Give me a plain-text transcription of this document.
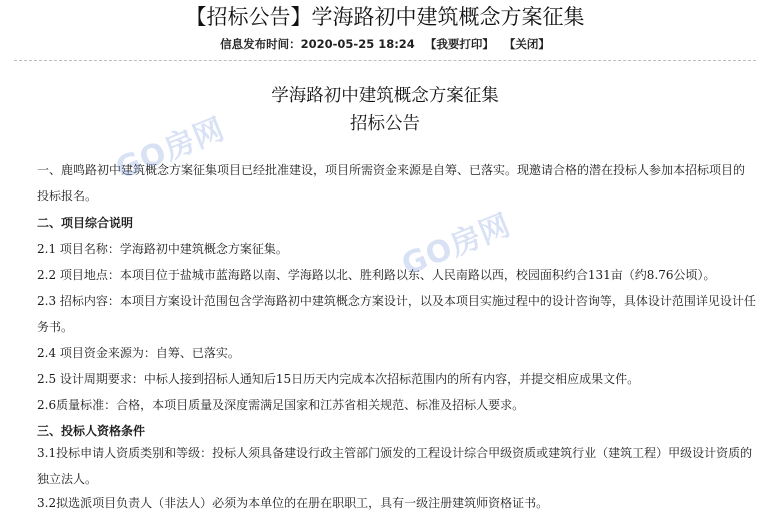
【招标公告】学海路初中建筑概念方案征集
信息发布时间：2020-05-25 18:24 【我要打印】 【关闭】
学海路初中建筑概念方案征集
招标公告
一、鹿鸣路初中建筑概念方案征集项目已经批准建设，项目所需资金来源是自筹、已落实。现邀请合格的潜在投标人参加本招标项目的投标报名。
二、项目综合说明
2.1 项目名称：学海路初中建筑概念方案征集。
2.2 项目地点：本项目位于盐城市蓝海路以南、学海路以北、胜利路以东、人民南路以西，校园面积约合131亩（约8.76公顷）。
2.3 招标内容：本项目方案设计范围包含学海路初中建筑概念方案设计，以及本项目实施过程中的设计咨询等，具体设计范围详见设计任务书。
2.4 项目资金来源为：自筹、已落实。
2.5 设计周期要求：中标人接到招标人通知后15日历天内完成本次招标范围内的所有内容，并提交相应成果文件。
2.6质量标准：合格，本项目质量及深度需满足国家和江苏省相关规范、标准及招标人要求。
三、投标人资格条件
3.1投标申请人资质类别和等级：投标人须具备建设行政主管部门颁发的工程设计综合甲级资质或建筑行业（建筑工程）甲级设计资质的独立法人。
3.2拟选派项目负责人（非法人）必须为本单位的在册在职职工，具有一级注册建筑师资格证书。
GO房网
GO房网
